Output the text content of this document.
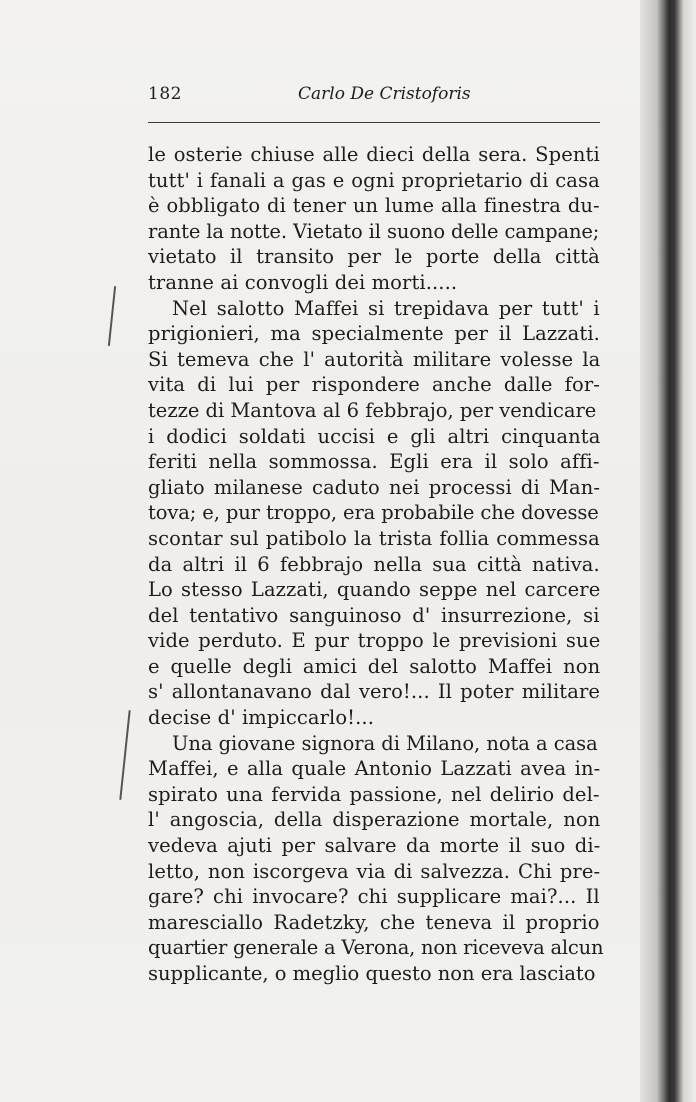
182	Carlo De Cristoforis
le osterie chiuse alle dieci della sera. Spenti
tutt' i fanali a gas e ogni proprietario di casa
è obbligato di tener un lume alla finestra du-
rante la notte. Vietato il suono delle campane;
vietato il transito per le porte della città
tranne ai convogli dei morti.....
Nel salotto Maffei si trepidava per tutt' i
prigionieri, ma specialmente per il Lazzati.
Si temeva che l' autorità militare volesse la
vita di lui per rispondere anche dalle for-
tezze di Mantova al 6 febbrajo, per vendicare
i dodici soldati uccisi e gli altri cinquanta
feriti nella sommossa. Egli era il solo affi-
gliato milanese caduto nei processi di Man-
tova; e, pur troppo, era probabile che dovesse
scontar sul patibolo la trista follia commessa
da altri il 6 febbrajo nella sua città nativa.
Lo stesso Lazzati, quando seppe nel carcere
del tentativo sanguinoso d' insurrezione, si
vide perduto. E pur troppo le previsioni sue
e quelle degli amici del salotto Maffei non
s' allontanavano dal vero!... Il poter militare
decise d' impiccarlo!...
Una giovane signora di Milano, nota a casa
Maffei, e alla quale Antonio Lazzati avea in-
spirato una fervida passione, nel delirio del-
l' angoscia, della disperazione mortale, non
vedeva ajuti per salvare da morte il suo di-
letto, non iscorgeva via di salvezza. Chi pre-
gare? chi invocare? chi supplicare mai?... Il
maresciallo Radetzky, che teneva il proprio
quartier generale a Verona, non riceveva alcun
supplicante, o meglio questo non era lasciato
